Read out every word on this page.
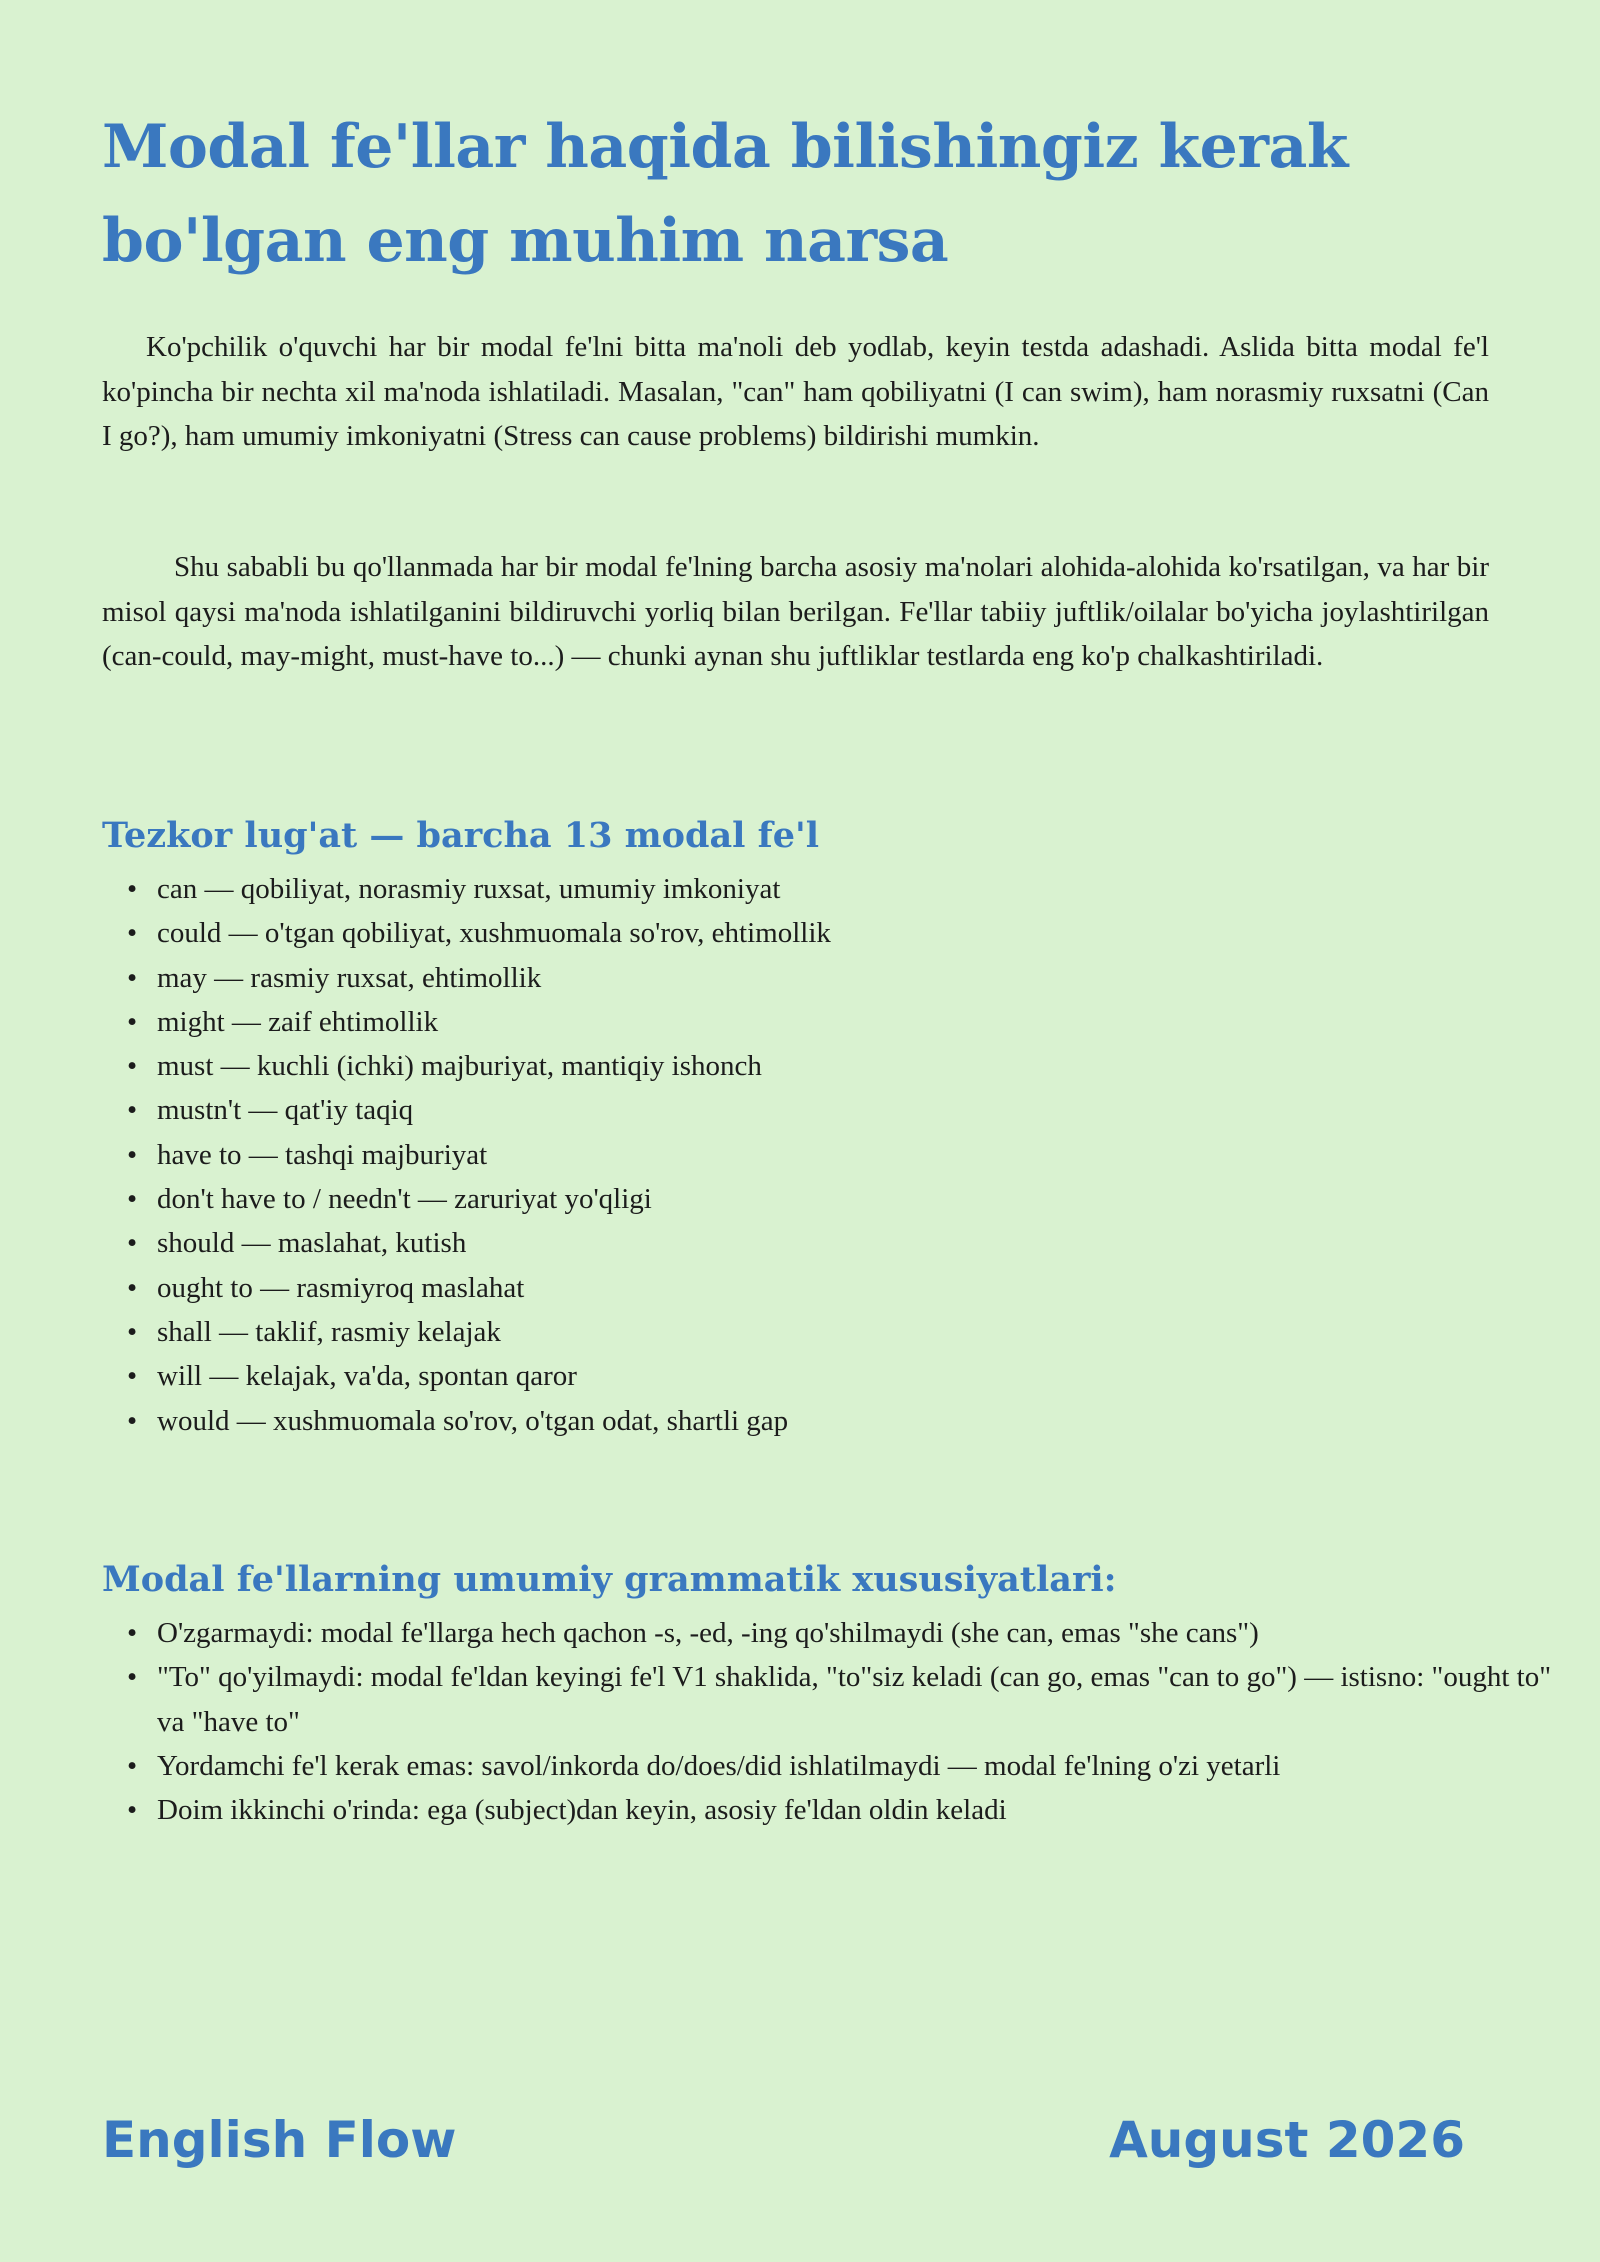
Modal fe'llar haqida bilishingiz kerak
bo'lgan eng muhim narsa

Ko'pchilik o'quvchi har bir modal fe'lni bitta ma'noli deb yodlab, keyin testda adashadi. Aslida bitta modal fe'l ko'pincha bir nechta xil ma'noda ishlatiladi. Masalan, "can" ham qobiliyatni (I can swim), ham norasmiy ruxsatni (Can I go?), ham umumiy imkoniyatni (Stress can cause problems) bildirishi mumkin.

Shu sababli bu qo'llanmada har bir modal fe'lning barcha asosiy ma'nolari alohida-alohida ko'rsatilgan, va har bir misol qaysi ma'noda ishlatilganini bildiruvchi yorliq bilan berilgan. Fe'llar tabiiy juftlik/oilalar bo'yicha joylashtirilgan (can-could, may-might, must-have to...) — chunki aynan shu juftliklar testlarda eng ko'p chalkashtiriladi.

Tezkor lug'at — barcha 13 modal fe'l
• can — qobiliyat, norasmiy ruxsat, umumiy imkoniyat
• could — o'tgan qobiliyat, xushmuomala so'rov, ehtimollik
• may — rasmiy ruxsat, ehtimollik
• might — zaif ehtimollik
• must — kuchli (ichki) majburiyat, mantiqiy ishonch
• mustn't — qat'iy taqiq
• have to — tashqi majburiyat
• don't have to / needn't — zaruriyat yo'qligi
• should — maslahat, kutish
• ought to — rasmiyroq maslahat
• shall — taklif, rasmiy kelajak
• will — kelajak, va'da, spontan qaror
• would — xushmuomala so'rov, o'tgan odat, shartli gap
Modal fe'llarning umumiy grammatik xususiyatlari:
• O'zgarmaydi: modal fe'llarga hech qachon -s, -ed, -ing qo'shilmaydi (she can, emas "she cans")
• "To" qo'yilmaydi: modal fe'ldan keyingi fe'l V1 shaklida, "to"siz keladi (can go, emas "can to go") — istisno: "ought to" va "have to"
• Yordamchi fe'l kerak emas: savol/inkorda do/does/did ishlatilmaydi — modal fe'lning o'zi yetarli
• Doim ikkinchi o'rinda: ega (subject)dan keyin, asosiy fe'ldan oldin keladi
English Flow	August 2026
